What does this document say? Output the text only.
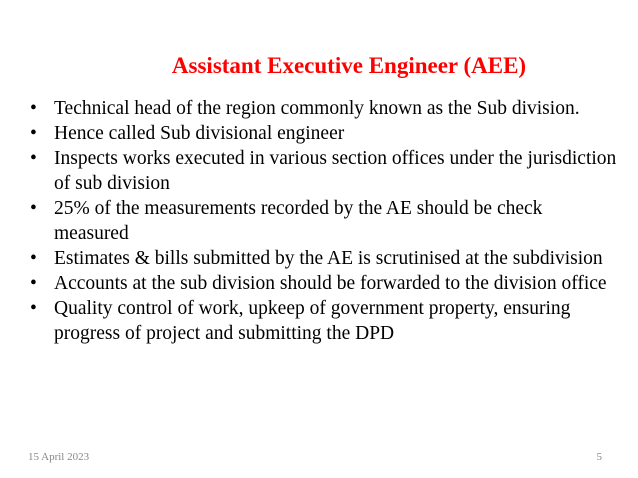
Assistant Executive Engineer (AEE)
• Technical head of the region commonly known as the Sub division.
• Hence called Sub divisional engineer
• Inspects works executed in various section offices under the jurisdiction of sub division
• 25% of the measurements recorded by the AE should be check measured
• Estimates & bills submitted by the AE is scrutinised at the subdivision
• Accounts at the sub division should be forwarded to the division office
• Quality control of work, upkeep of government property, ensuring progress of project and submitting the DPD
15 April 2023	5
